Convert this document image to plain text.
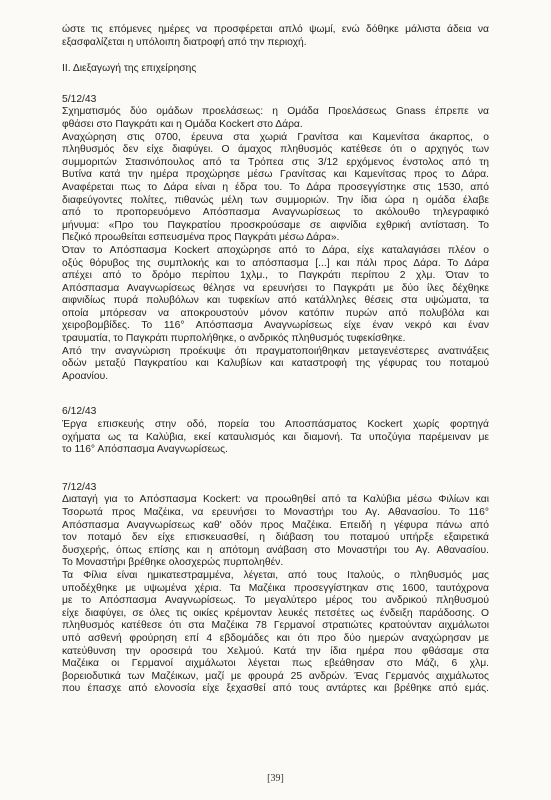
ώστε τις επόμενες ημέρες να προσφέρεται απλό ψωμί, ενώ δόθηκε μάλιστα άδεια να
εξασφαλίζεται η υπόλοιπη διατροφή από την περιοχή.
ΙΙ. Διεξαγωγή της επιχείρησης
5/12/43
Σχηματισμός δύο ομάδων προελάσεως: η Ομάδα Προελάσεως Gnass έπρεπε να
φθάσει στο Παγκράτι και η Ομάδα Kockert στο Δάρα.
Αναχώρηση στις 0700, έρευνα στα χωριά Γρανίτσα και Καμενίτσα άκαρπος, ο
πληθυσμός δεν είχε διαφύγει. Ο άμαχος πληθυσμός κατέθεσε ότι ο αρχηγός των
συμμοριτών Στασινόπουλος από τα Τρόπεα στις 3/12 ερχόμενος ένστολος από τη
Βυτίνα κατά την ημέρα προχώρησε μέσω Γρανίτσας και Καμενίτσας προς το Δάρα.
Αναφέρεται πως το Δάρα είναι η έδρα του. Το Δάρα προσεγγίστηκε στις 1530, από
διαφεύγοντες πολίτες, πιθανώς μέλη των συμμοριών. Την ίδια ώρα η ομάδα έλαβε
από το προπορευόμενο Απόσπασμα Αναγνωρίσεως το ακόλουθο τηλεγραφικό
μήνυμα: «Προ του Παγκρατίου προσκρούσαμε σε αιφνίδια εχθρική αντίσταση. Το
Πεζικό προωθείται εσπευσμένα προς Παγκράτι μέσω Δάρα».
Όταν το Απόσπασμα Kockert αποχώρησε από το Δάρα, είχε καταλαγιάσει πλέον ο
οξύς θόρυβος της συμπλοκής και το απόσπασμα [...] και πάλι προς Δάρα. Το Δάρα
απέχει από το δρόμο περίπου 1χλμ., το Παγκράτι περίπου 2 χλμ. Όταν το
Απόσπασμα Αναγνωρίσεως θέλησε να ερευνήσει το Παγκράτι με δύο ίλες δέχθηκε
αιφνιδίως πυρά πολυβόλων και τυφεκίων από κατάλληλες θέσεις στα υψώματα, τα
οποία μπόρεσαν να αποκρουστούν μόνον κατόπιν πυρών από πολυβόλα και
χειροβομβίδες. Το 116° Απόσπασμα Αναγνωρίσεως είχε έναν νεκρό και έναν
τραυματία, το Παγκράτι πυρπολήθηκε, ο ανδρικός πληθυσμός τυφεκίσθηκε.
Από την αναγνώριση προέκυψε ότι πραγματοποιήθηκαν μεταγενέστερες ανατινάξεις
οδών μεταξύ Παγκρατίου και Καλυβίων και καταστροφή της γέφυρας του ποταμού
Αροανίου.
6/12/43
Έργα επισκευής στην οδό, πορεία του Αποσπάσματος Kockert χωρίς φορτηγά
οχήματα ως τα Καλύβια, εκεί καταυλισμός και διαμονή. Τα υποζύγια παρέμειναν με
το 116° Απόσπασμα Αναγνωρίσεως.
7/12/43
Διαταγή για το Απόσπασμα Kockert: να προωθηθεί από τα Καλύβια μέσω Φιλίων και
Τσορωτά προς Μαζέικα, να ερευνήσει το Μοναστήρι του Αγ. Αθανασίου. Το 116°
Απόσπασμα Αναγνωρίσεως καθ' οδόν προς Μαζέικα. Επειδή η γέφυρα πάνω από
τον ποταμό δεν είχε επισκευασθεί, η διάβαση του ποταμού υπήρξε εξαιρετικά
δυσχερής, όπως επίσης και η απότομη ανάβαση στο Μοναστήρι του Αγ. Αθανασίου.
Το Μοναστήρι βρέθηκε ολοσχερώς πυρποληθέν.
Τα Φίλια είναι ημικατεστραμμένα, λέγεται, από τους Ιταλούς, ο πληθυσμός μας
υποδέχθηκε με υψωμένα χέρια. Τα Μαζέικα προσεγγίστηκαν στις 1600, ταυτόχρονα
με το Απόσπασμα Αναγνωρίσεως. Το μεγαλύτερο μέρος του ανδρικού πληθυσμού
είχε διαφύγει, σε όλες τις οικίες κρέμονταν λευκές πετσέτες ως ένδειξη παράδοσης. Ο
πληθυσμός κατέθεσε ότι στα Μαζέικα 78 Γερμανοί στρατιώτες κρατούνταν αιχμάλωτοι
υπό ασθενή φρούρηση επί 4 εβδομάδες και ότι προ δύο ημερών αναχώρησαν με
κατεύθυνση την οροσειρά του Χελμού. Κατά την ίδια ημέρα που φθάσαμε στα
Μαζέικα οι Γερμανοί αιχμάλωτοι λέγεται πως εβεάθησαν στο Μάζι, 6 χλμ.
βορειοδυτικά των Μαζέικων, μαζί με φρουρά 25 ανδρών. Ένας Γερμανός αιχμάλωτος
που έπασχε από ελονοσία είχε ξεχασθεί από τους αντάρτες και βρέθηκε από εμάς.
[39]
